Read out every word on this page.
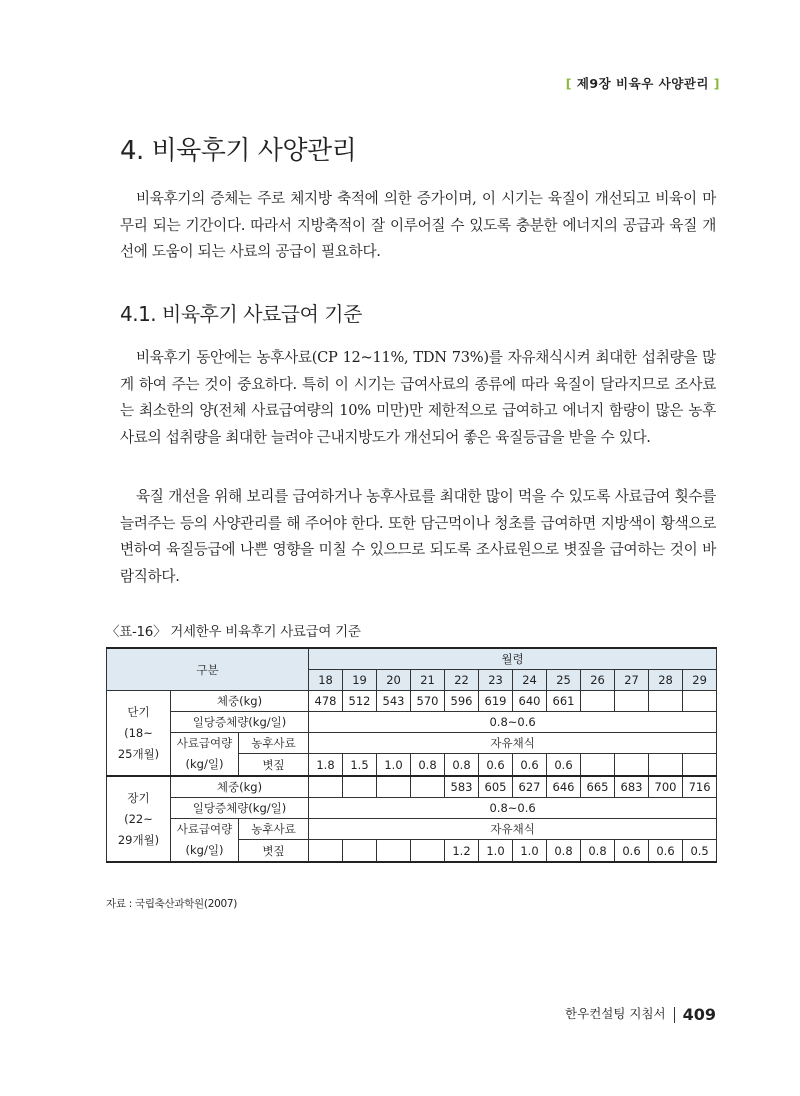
[ 제9장 비육우 사양관리 ]
4. 비육후기 사양관리

비육후기의 증체는 주로 체지방 축적에 의한 증가이며, 이 시기는 육질이 개선되고 비육이 마무리 되는 기간이다. 따라서 지방축적이 잘 이루어질 수 있도록 충분한 에너지의 공급과 육질 개선에 도움이 되는 사료의 공급이 필요하다.

4.1. 비육후기 사료급여 기준

비육후기 동안에는 농후사료(CP 12~11%, TDN 73%)를 자유채식시켜 최대한 섭취량을 많게 하여 주는 것이 중요하다. 특히 이 시기는 급여사료의 종류에 따라 육질이 달라지므로 조사료는 최소한의 양(전체 사료급여량의 10% 미만)만 제한적으로 급여하고 에너지 함량이 많은 농후사료의 섭취량을 최대한 늘려야 근내지방도가 개선되어 좋은 육질등급을 받을 수 있다.

육질 개선을 위해 보리를 급여하거나 농후사료를 최대한 많이 먹을 수 있도록 사료급여 횟수를 늘려주는 등의 사양관리를 해 주어야 한다. 또한 담근먹이나 청초를 급여하면 지방색이 황색으로 변하여 육질등급에 나쁜 영향을 미칠 수 있으므로 되도록 조사료원으로 볏짚을 급여하는 것이 바람직하다.

〈표-16〉 거세한우 비육후기 사료급여 기준
구분			월령											
			18	19	20	21	22	23	24	25	26	27	28	29
단기
(18~
25개월)	체중(kg)		478	512	543	570	596	619	640	661				
	일당증체량(kg/일)		0.8~0.6											
	사료급여량
(kg/일)	농후사료	자유채식											
		볏짚	1.8	1.5	1.0	0.8	0.8	0.6	0.6	0.6				
장기
(22~
29개월)	체중(kg)						583	605	627	646	665	683	700	716
	일당증체량(kg/일)		0.8~0.6											
	사료급여량
(kg/일)	농후사료	자유채식											
		볏짚					1.2	1.0	1.0	0.8	0.8	0.6	0.6	0.5
자료 : 국립축산과학원(2007)
한우컨설팅 지침서 409
